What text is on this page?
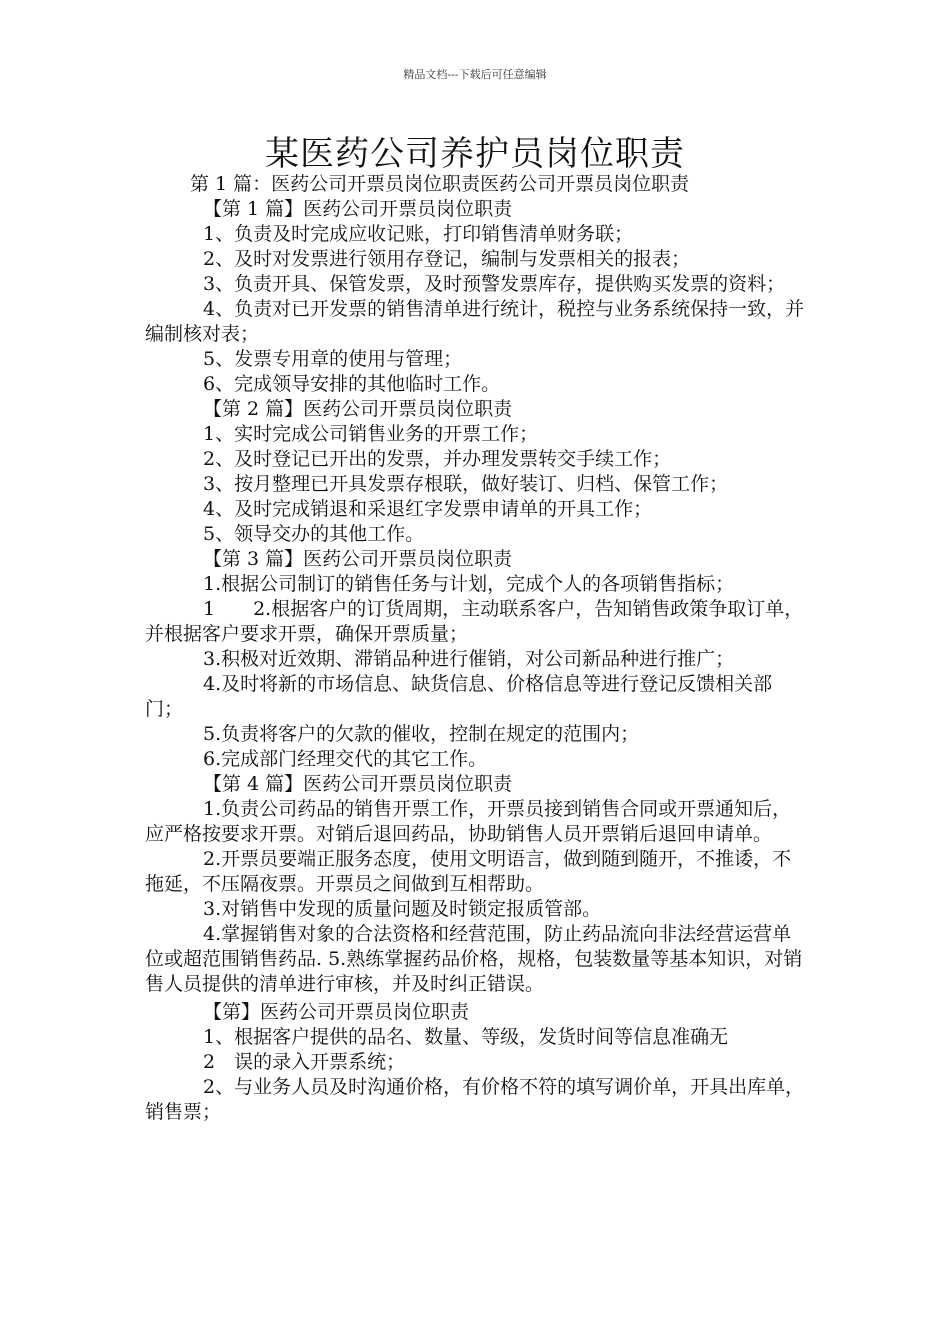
精品文档---下载后可任意编辑
某医药公司养护员岗位职责
第 1 篇：医药公司开票员岗位职责医药公司开票员岗位职责
【第 1 篇】医药公司开票员岗位职责
1、负责及时完成应收记账，打印销售清单财务联；
2、及时对发票进行领用存登记，编制与发票相关的报表；
3、负责开具、保管发票，及时预警发票库存，提供购买发票的资料；
4、负责对已开发票的销售清单进行统计，税控与业务系统保持一致，并编制核对表；
5、发票专用章的使用与管理；
6、完成领导安排的其他临时工作。
【第 2 篇】医药公司开票员岗位职责
1、实时完成公司销售业务的开票工作；
2、及时登记已开出的发票，并办理发票转交手续工作；
3、按月整理已开具发票存根联，做好装订、归档、保管工作；
4、及时完成销退和采退红字发票申请单的开具工作；
5、领导交办的其他工作。
【第 3 篇】医药公司开票员岗位职责
1.根据公司制订的销售任务与计划，完成个人的各项销售指标；
1　　2.根据客户的订货周期，主动联系客户，告知销售政策争取订单，并根据客户要求开票，确保开票质量；
3.积极对近效期、滞销品种进行催销，对公司新品种进行推广；
4.及时将新的市场信息、缺货信息、价格信息等进行登记反馈相关部门；
5.负责将客户的欠款的催收，控制在规定的范围内；
6.完成部门经理交代的其它工作。
【第 4 篇】医药公司开票员岗位职责
1.负责公司药品的销售开票工作，开票员接到销售合同或开票通知后，应严格按要求开票。对销后退回药品，协助销售人员开票销后退回申请单。
2.开票员要端正服务态度，使用文明语言，做到随到随开，不推诿，不拖延，不压隔夜票。开票员之间做到互相帮助。
3.对销售中发现的质量问题及时锁定报质管部。
4.掌握销售对象的合法资格和经营范围，防止药品流向非法经营运营单位或超范围销售药品. 5.熟练掌握药品价格，规格，包装数量等基本知识，对销售人员提供的清单进行审核，并及时纠正错误。
【第】医药公司开票员岗位职责
1、根据客户提供的品名、数量、等级，发货时间等信息准确无
2　误的录入开票系统；
2、与业务人员及时沟通价格，有价格不符的填写调价单，开具出库单，销售票；
